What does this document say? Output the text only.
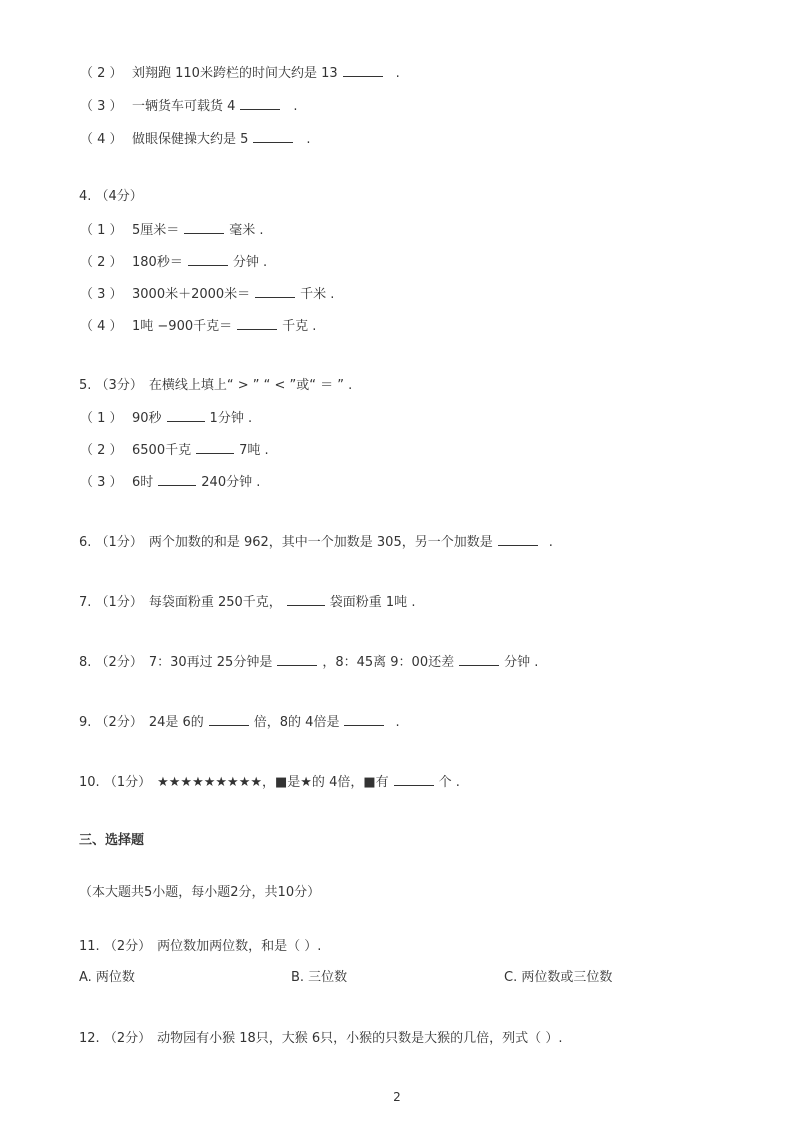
（ 2 ） 刘翔跑 110米跨栏的时间大约是 13	.
（ 3 ） 一辆货车可载货 4	.
（ 4 ） 做眼保健操大约是 5	.
4. （4分）
（ 1 ） 5厘米＝	毫米 .
（ 2 ） 180秒＝	分钟 .
（ 3 ） 3000米＋2000米＝	千米 .
（ 4 ） 1吨 −900千克＝	千克 .
5. （3分） 在横线上填上“ > ” “ < ”或“ ＝ ” .
（ 1 ） 90秒	1分钟 .
（ 2 ） 6500千克	7吨 .
（ 3 ） 6时	240分钟 .
6. （1分） 两个加数的和是 962，其中一个加数是 305，另一个加数是	.
7. （1分） 每袋面粉重 250千克，	袋面粉重 1吨 .
8. （2分） 7：30再过 25分钟是	，8：45离 9：00还差	分钟 .
9. （2分） 24是 6的	倍，8的 4倍是	.
10. （1分） ★★★★★★★★★，■是★的 4倍，■有	个 .
三、选择题
（本大题共5小题，每小题2分，共10分）
11. （2分） 两位数加两位数，和是（ ）.
A. 两位数	B. 三位数	C. 两位数或三位数
12. （2分） 动物园有小猴 18只，大猴 6只，小猴的只数是大猴的几倍，列式（ ）.
2
